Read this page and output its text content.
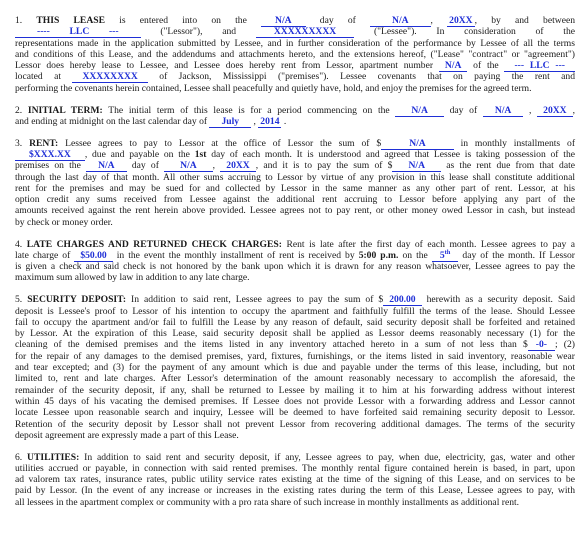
1. THIS LEASE is entered into on the N/A day of N/A , 20XX , by and between
---- LLC --- ("Lessor"), and XXXXXXXXX ("Lessee"). In consideration of the
representations made in the application submitted by Lessee, and in further consideration of the performance by Lessee of all the terms
and conditions of this Lease, and the addendums and attachments hereto, and the extensions hereof, ("Lease" "contract" or "agreement")
Lessor does hereby lease to Lessee, and Lessee does hereby rent from Lessor, apartment number N/A of the --- LLC ---
located at XXXXXXXX of Jackson, Mississippi ("premises"). Lessee covenants that on paying the rent and
performing the covenants herein contained, Lessee shall peacefully and quietly have, hold, and enjoy the premises for the agreed term.
2. INITIAL TERM: The initial term of this lease is for a period commencing on the N/A day of N/A , 20XX ,
and ending at midnight on the last calendar day of July , 2014 .
3. RENT: Lessee agrees to pay to Lessor at the office of Lessor the sum of $	N/A	in monthly installments of
$XXX.XX , due and payable on the 1st day of each month. It is understood and agreed that Lessee is taking possession of the
premises on the N/A day of N/A , 20XX , and it is to pay the sum of $ N/A as the rent due from that date
through the last day of that month. All other sums accruing to Lessor by virtue of any provision in this lease shall constitute additional
rent for the premises and may be sued for and collected by Lessor in the same manner as any other part of rent. Lessor, at his
option credit any sums received from Lessee against the additional rent accruing to Lessor before applying any part of the
amounts received against the rent herein above provided. Lessee agrees not to pay rent, or other money owed Lessor in cash, but instead
by check or money order.
4. LATE CHARGES AND RETURNED CHECK CHARGES: Rent is late after the first day of each month. Lessee agrees to pay a
late charge of $50.00 in the event the monthly installment of rent is received by 5:00 p.m. on the 5th day of the month. If Lessor
is given a check and said check is not honored by the bank upon which it is drawn for any reason whatsoever, Lessee agrees to pay the
maximum sum allowed by law in addition to any late charge.
5. SECURITY DEPOSIT: In addition to said rent, Lessee agrees to pay the sum of $ 200.00 herewith as a security deposit. Said
deposit is Lessee's proof to Lessor of his intention to occupy the apartment and faithfully fulfill the terms of the lease. Should Lessee
fail to occupy the apartment and/or fail to fulfill the Lease by any reason of default, said security deposit shall be forfeited and retained
by Lessor. At the expiration of this Lease, said security deposit shall be applied as Lessor deems reasonably necessary (1) for the
cleaning of the demised premises and the items listed in any inventory attached hereto in a sum of not less than $ -0- ; (2)
for the repair of any damages to the demised premises, yard, fixtures, furnishings, or the items listed in said inventory, reasonable wear
and tear excepted; and (3) for the payment of any amount which is due and payable under the terms of this lease, including, but not
limited to, rent and late charges. After Lessor's determination of the amount reasonably necessary to accomplish the aforesaid, the
remainder of the security deposit, if any, shall be returned to Lessee by mailing it to him at his forwarding address without interest
within 45 days of his vacating the demised premises. If Lessee does not provide Lessor with a forwarding address and Lessor cannot
locate Lessee upon reasonable search and inquiry, Lessee will be deemed to have forfeited said remaining security deposit to Lessor.
Retention of the security deposit by Lessor shall not prevent Lessor from recovering additional damages. The terms of the security
deposit agreement are expressly made a part of this Lease.
6. UTILITIES: In addition to said rent and security deposit, if any, Lessee agrees to pay, when due, electricity, gas, water and other
utilities accrued or payable, in connection with said rented premises. The monthly rental figure contained herein is based, in part, upon
ad valorem tax rates, insurance rates, public utility service rates existing at the time of the signing of this Lease, and on services to be
paid by Lessor. (In the event of any increase or increases in the existing rates during the term of this Lease, Lessee agrees to pay, with
all lessees in the apartment complex or community with a pro rata share of such increase in monthly installments as additional rent.
